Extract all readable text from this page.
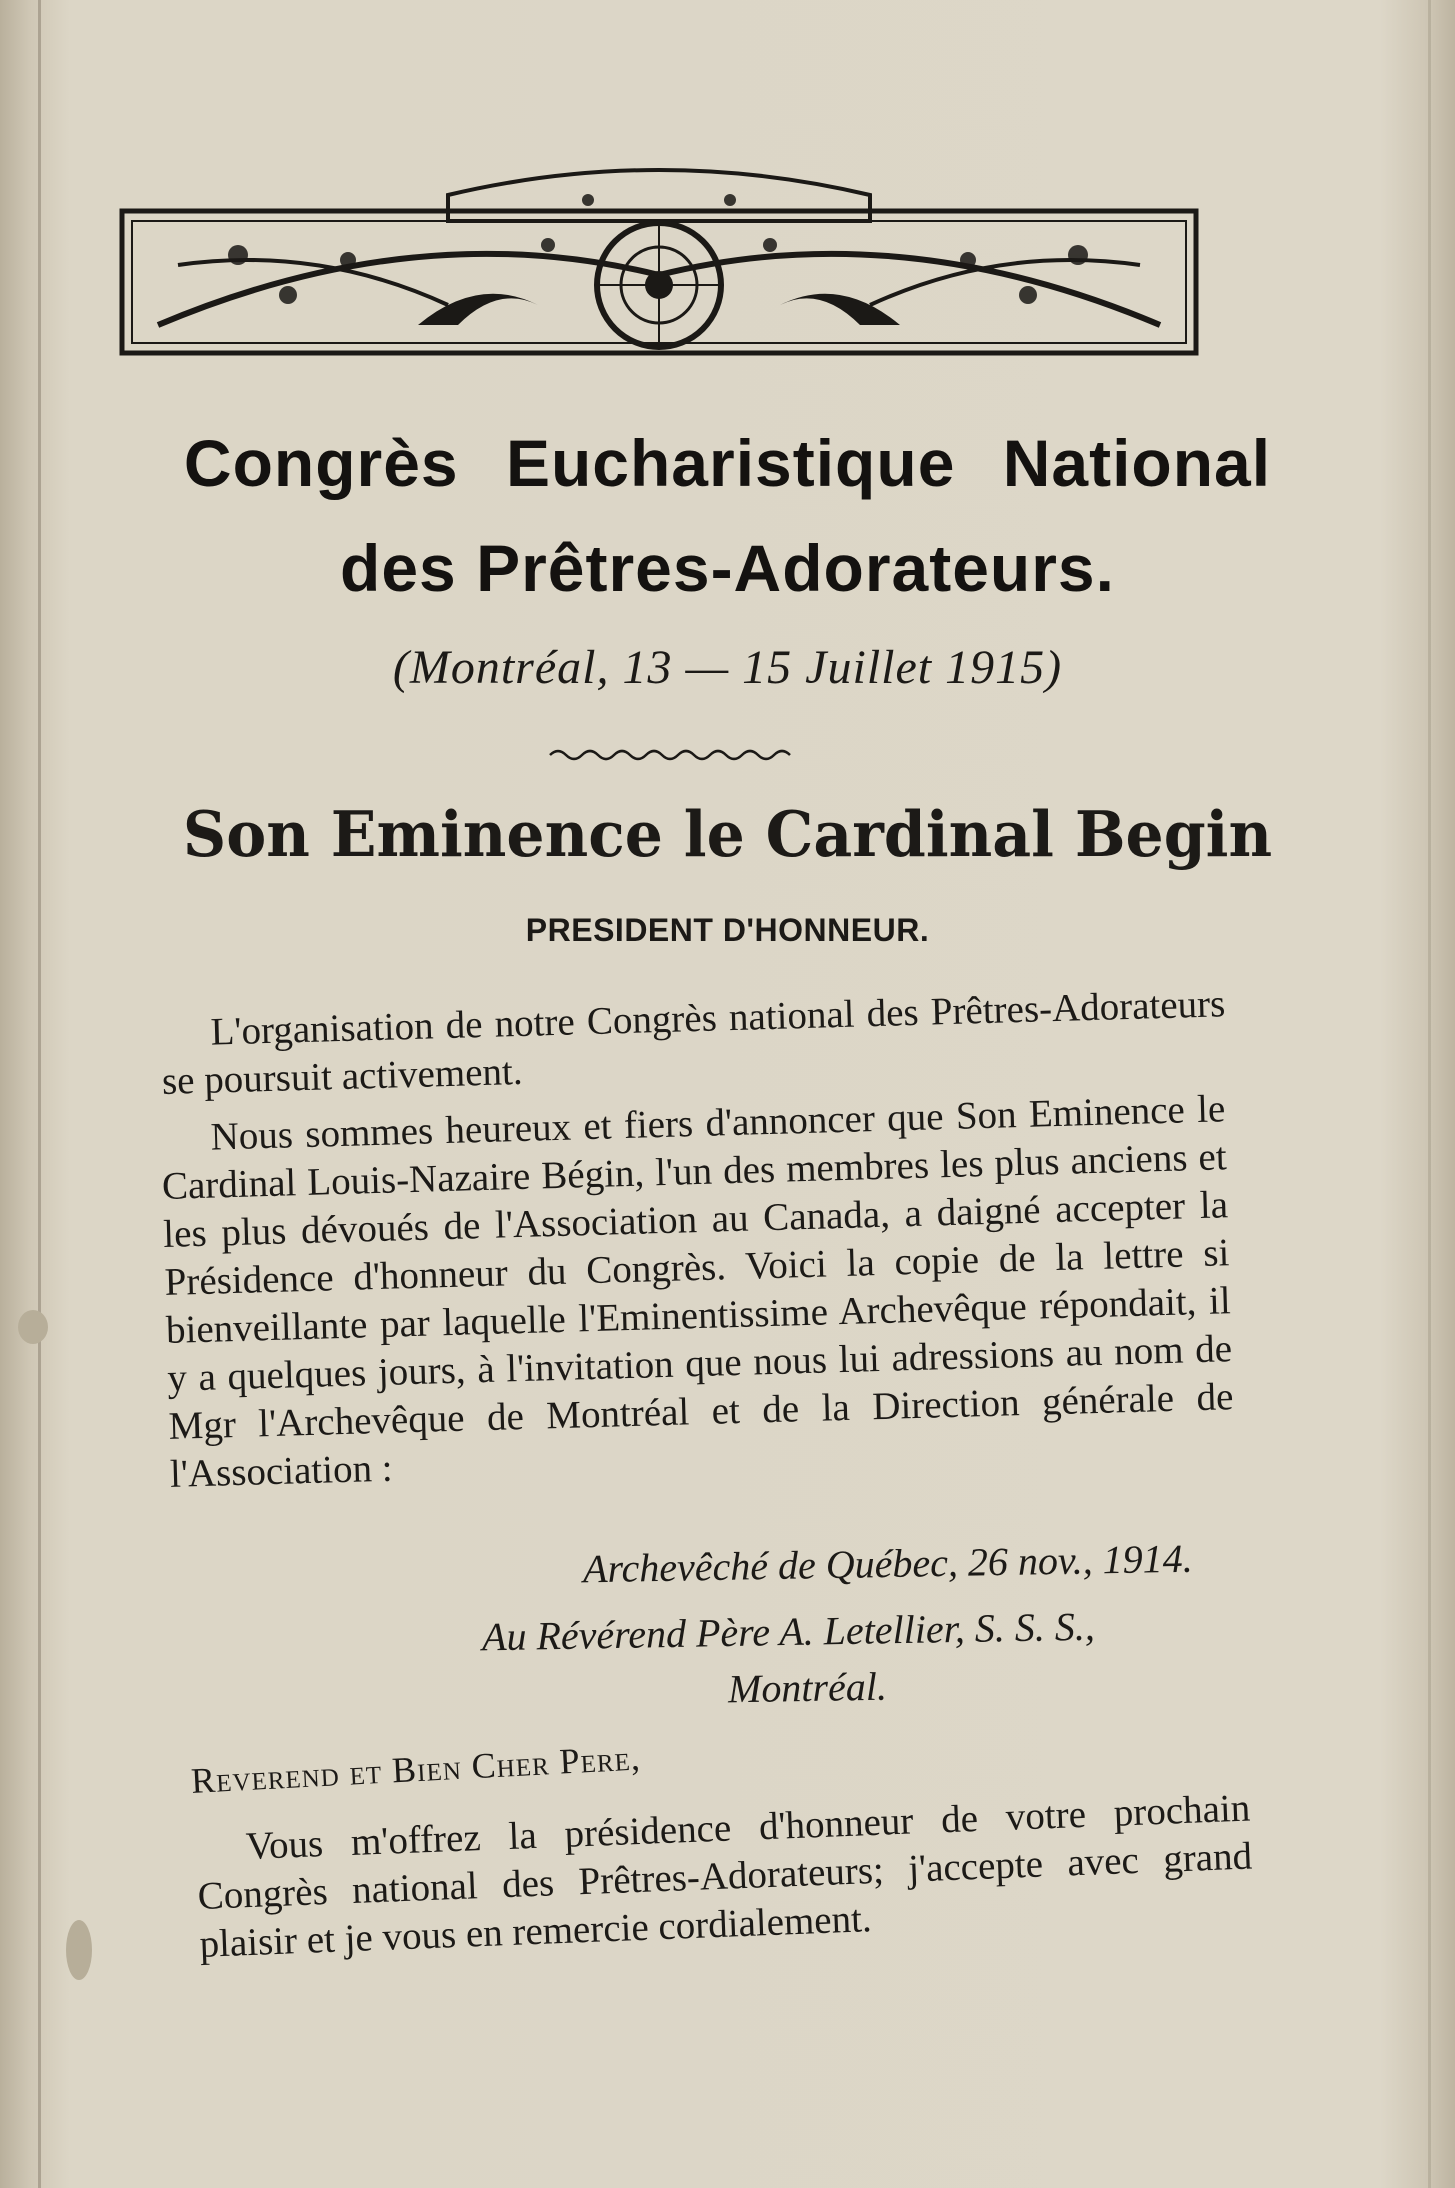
Congrès Eucharistique National
des Prêtres-Adorateurs.
(Montréal, 13 — 15 Juillet 1915)
Son Eminence le Cardinal Begin
PRESIDENT D'HONNEUR.

L'organisation de notre Congrès national des Prêtres-Adorateurs se poursuit activement.

Nous sommes heureux et fiers d'annoncer que Son Eminence le Cardinal Louis-Nazaire Bégin, l'un des membres les plus anciens et les plus dévoués de l'Association au Canada, a daigné accepter la Présidence d'honneur du Congrès. Voici la copie de la lettre si bienveillante par laquelle l'Eminentissime Archevêque répondait, il y a quelques jours, à l'invitation que nous lui adressions au nom de Mgr l'Archevêque de Montréal et de la Direction générale de l'Association :

Archevêché de Québec, 26 nov., 1914.
Au Révérend Père A. Letellier, S. S. S.,
Montréal.
Reverend et Bien Cher Pere,

Vous m'offrez la présidence d'honneur de votre prochain Congrès national des Prêtres-Adorateurs; j'accepte avec grand plaisir et je vous en remercie cordialement.
